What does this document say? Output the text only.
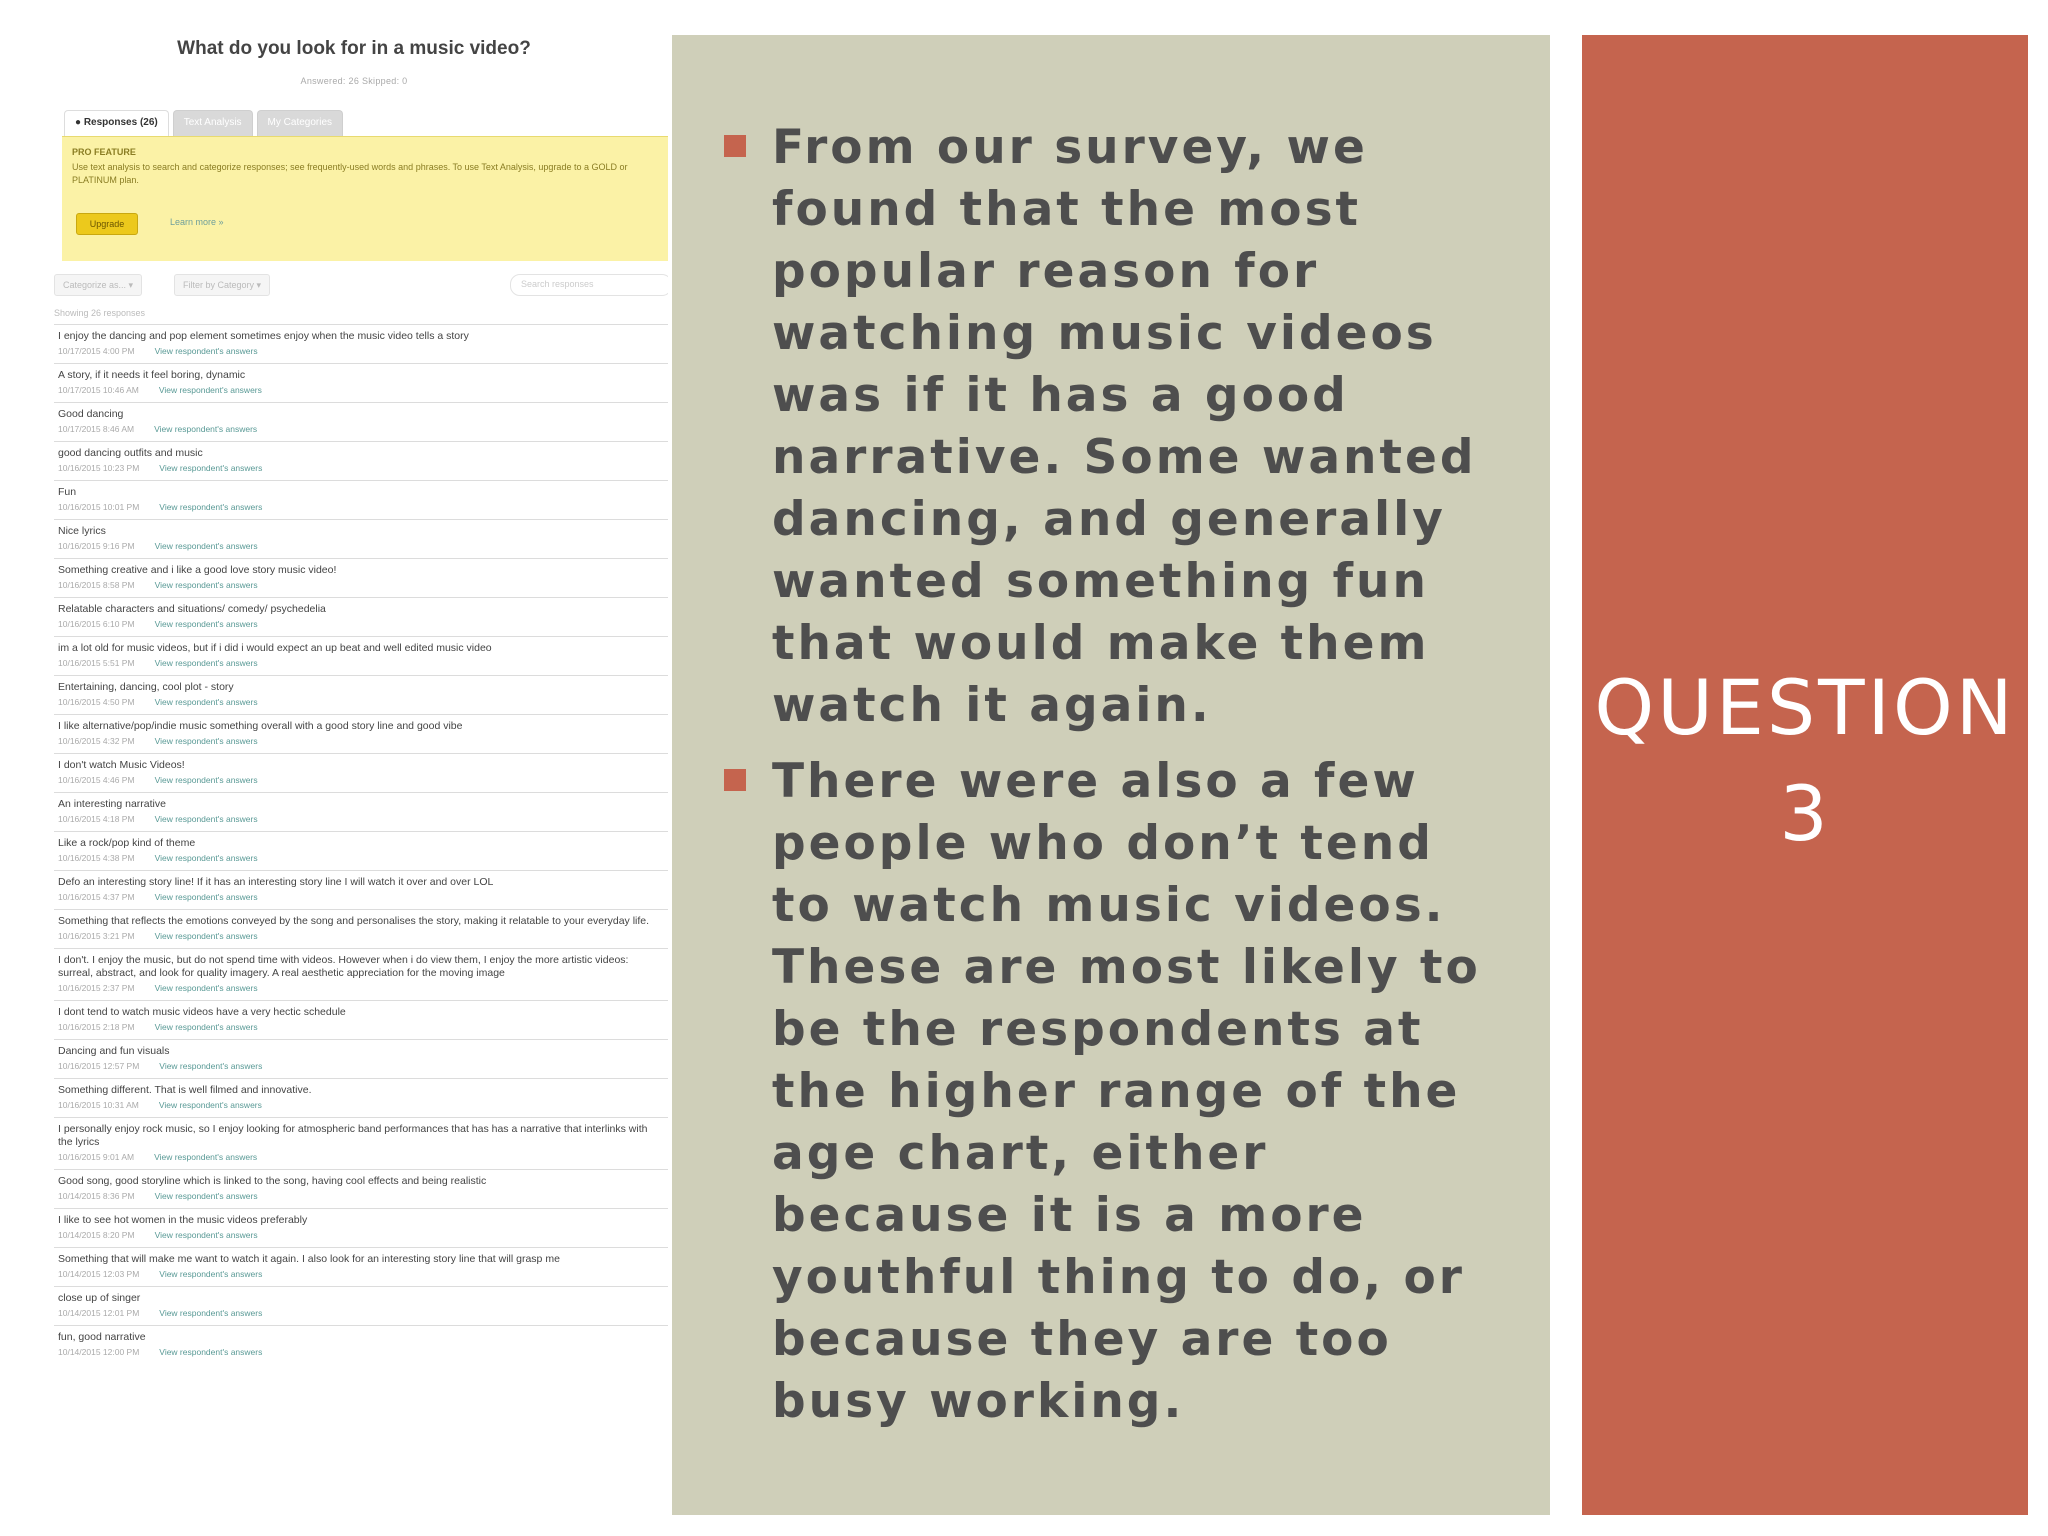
What do you look for in a music video?
Answered: 26 Skipped: 0
● Responses (26)	Text Analysis	My Categories
PRO FEATURE
Use text analysis to search and categorize responses; see frequently-used words and phrases. To use Text Analysis, upgrade to a GOLD or PLATINUM plan.
Upgrade	Learn more »
Categorize as... ▾	Filter by Category ▾	Search responses
Showing 26 responses
I enjoy the dancing and pop element sometimes enjoy when the music video tells a story
10/17/2015 4:00 PM View respondent's answers
A story, if it needs it feel boring, dynamic
10/17/2015 10:46 AM View respondent's answers
Good dancing
10/17/2015 8:46 AM View respondent's answers
good dancing outfits and music
10/16/2015 10:23 PM View respondent's answers
Fun
10/16/2015 10:01 PM View respondent's answers
Nice lyrics
10/16/2015 9:16 PM View respondent's answers
Something creative and i like a good love story music video!
10/16/2015 8:58 PM View respondent's answers
Relatable characters and situations/ comedy/ psychedelia
10/16/2015 6:10 PM View respondent's answers
im a lot old for music videos, but if i did i would expect an up beat and well edited music video
10/16/2015 5:51 PM View respondent's answers
Entertaining, dancing, cool plot - story
10/16/2015 4:50 PM View respondent's answers
I like alternative/pop/indie music something overall with a good story line and good vibe
10/16/2015 4:32 PM View respondent's answers
I don't watch Music Videos!
10/16/2015 4:46 PM View respondent's answers
An interesting narrative
10/16/2015 4:18 PM View respondent's answers
Like a rock/pop kind of theme
10/16/2015 4:38 PM View respondent's answers
Defo an interesting story line! If it has an interesting story line I will watch it over and over LOL
10/16/2015 4:37 PM View respondent's answers
Something that reflects the emotions conveyed by the song and personalises the story, making it relatable to your everyday life.
10/16/2015 3:21 PM View respondent's answers
I don't. I enjoy the music, but do not spend time with videos. However when i do view them, I enjoy the more artistic videos: surreal, abstract, and look for quality imagery. A real aesthetic appreciation for the moving image
10/16/2015 2:37 PM View respondent's answers
I dont tend to watch music videos have a very hectic schedule
10/16/2015 2:18 PM View respondent's answers
Dancing and fun visuals
10/16/2015 12:57 PM View respondent's answers
Something different. That is well filmed and innovative.
10/16/2015 10:31 AM View respondent's answers
I personally enjoy rock music, so I enjoy looking for atmospheric band performances that has has a narrative that interlinks with the lyrics
10/16/2015 9:01 AM View respondent's answers
Good song, good storyline which is linked to the song, having cool effects and being realistic
10/14/2015 8:36 PM View respondent's answers
I like to see hot women in the music videos preferably
10/14/2015 8:20 PM View respondent's answers
Something that will make me want to watch it again. I also look for an interesting story line that will grasp me
10/14/2015 12:03 PM View respondent's answers
close up of singer
10/14/2015 12:01 PM View respondent's answers
fun, good narrative
10/14/2015 12:00 PM View respondent's answers
From our survey, we
found that the most
popular reason for
watching music videos
was if it has a good
narrative. Some wanted
dancing, and generally
wanted something fun
that would make them
watch it again.
There were also a few
people who don’t tend
to watch music videos.
These are most likely to
be the respondents at
the higher range of the
age chart, either
because it is a more
youthful thing to do, or
because they are too
busy working.
QUESTION
3
